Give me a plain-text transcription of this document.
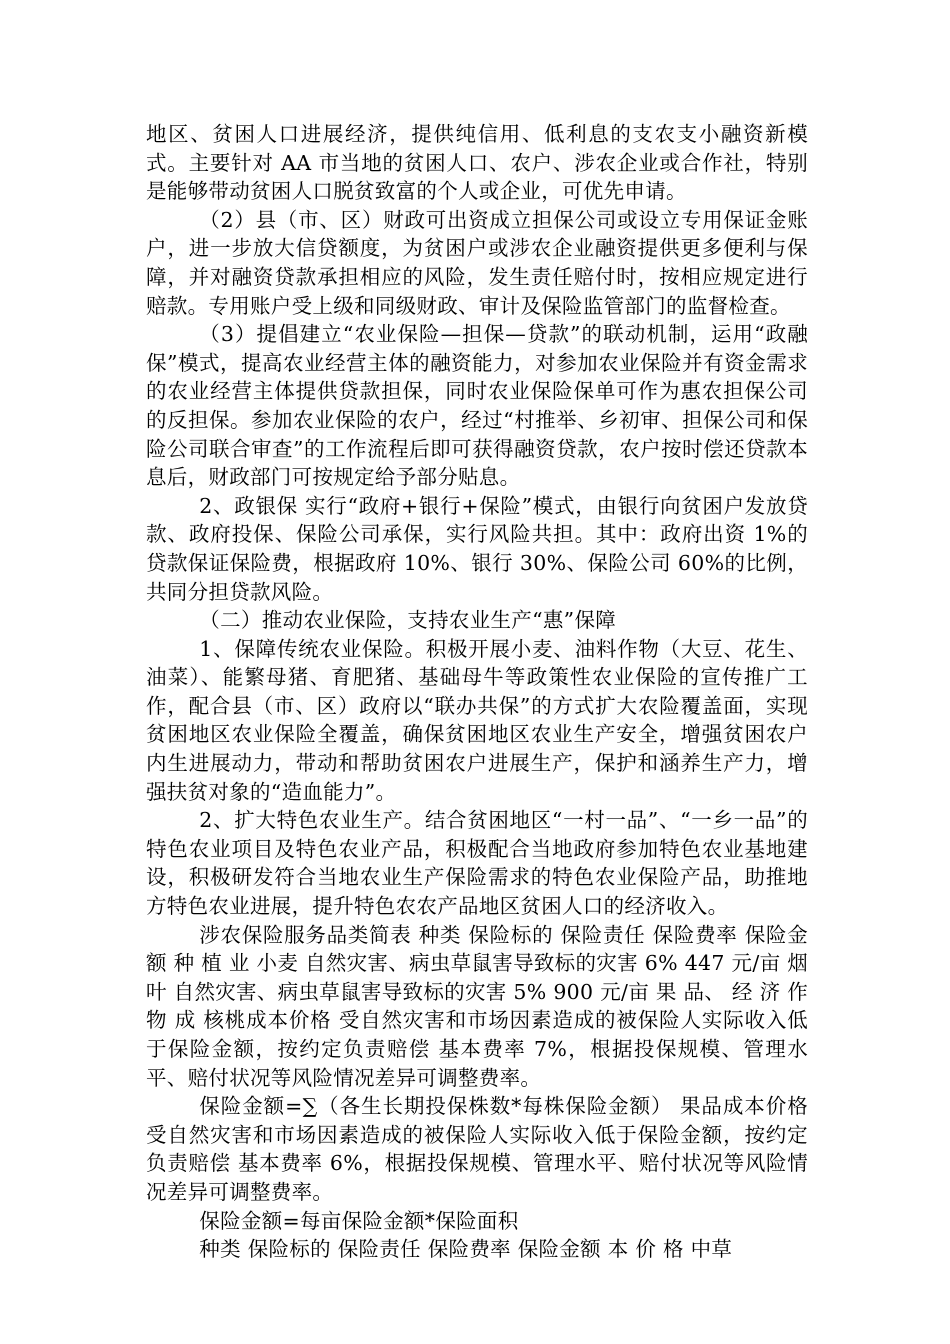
地区、贫困人口进展经济，提供纯信用、低利息的支农支小融资新模式。主要针对 AA 市当地的贫困人口、农户、涉农企业或合作社，特别是能够带动贫困人口脱贫致富的个人或企业，可优先申请。

（2）县（市、区）财政可出资成立担保公司或设立专用保证金账户，进一步放大信贷额度，为贫困户或涉农企业融资提供更多便利与保障，并对融资贷款承担相应的风险，发生责任赔付时，按相应规定进行赔款。专用账户受上级和同级财政、审计及保险监管部门的监督检查。

（3）提倡建立“农业保险—担保—贷款”的联动机制，运用“政融保”模式，提高农业经营主体的融资能力，对参加农业保险并有资金需求的农业经营主体提供贷款担保，同时农业保险保单可作为惠农担保公司的反担保。参加农业保险的农户，经过“村推举、乡初审、担保公司和保险公司联合审查”的工作流程后即可获得融资贷款，农户按时偿还贷款本息后，财政部门可按规定给予部分贴息。

2、政银保 实行“政府+银行+保险”模式，由银行向贫困户发放贷款、政府投保、保险公司承保，实行风险共担。其中：政府出资 1%的贷款保证保险费，根据政府 10%、银行 30%、保险公司 60%的比例，共同分担贷款风险。

（二）推动农业保险，支持农业生产“惠”保障

1、保障传统农业保险。积极开展小麦、油料作物（大豆、花生、油菜）、能繁母猪、育肥猪、基础母牛等政策性农业保险的宣传推广工作，配合县（市、区）政府以“联办共保”的方式扩大农险覆盖面，实现贫困地区农业保险全覆盖，确保贫困地区农业生产安全，增强贫困农户内生进展动力，带动和帮助贫困农户进展生产，保护和涵养生产力，增强扶贫对象的“造血能力”。

2、扩大特色农业生产。结合贫困地区“一村一品”、“一乡一品”的特色农业项目及特色农业产品，积极配合当地政府参加特色农业基地建设，积极研发符合当地农业生产保险需求的特色农业保险产品，助推地方特色农业进展，提升特色农农产品地区贫困人口的经济收入。

涉农保险服务品类简表 种类 保险标的 保险责任 保险费率 保险金额 种 植 业 小麦 自然灾害、病虫草鼠害导致标的灾害 6% 447 元/亩 烟叶 自然灾害、病虫草鼠害导致标的灾害 5% 900 元/亩 果 品、 经 济 作 物 成 核桃成本价格 受自然灾害和市场因素造成的被保险人实际收入低于保险金额，按约定负责赔偿 基本费率 7%，根据投保规模、管理水平、赔付状况等风险情况差异可调整费率。

保险金额=∑（各生长期投保株数*每株保险金额） 果品成本价格 受自然灾害和市场因素造成的被保险人实际收入低于保险金额，按约定负责赔偿 基本费率 6%，根据投保规模、管理水平、赔付状况等风险情况差异可调整费率。

保险金额=每亩保险金额*保险面积

种类 保险标的 保险责任 保险费率 保险金额 本 价 格 中草
